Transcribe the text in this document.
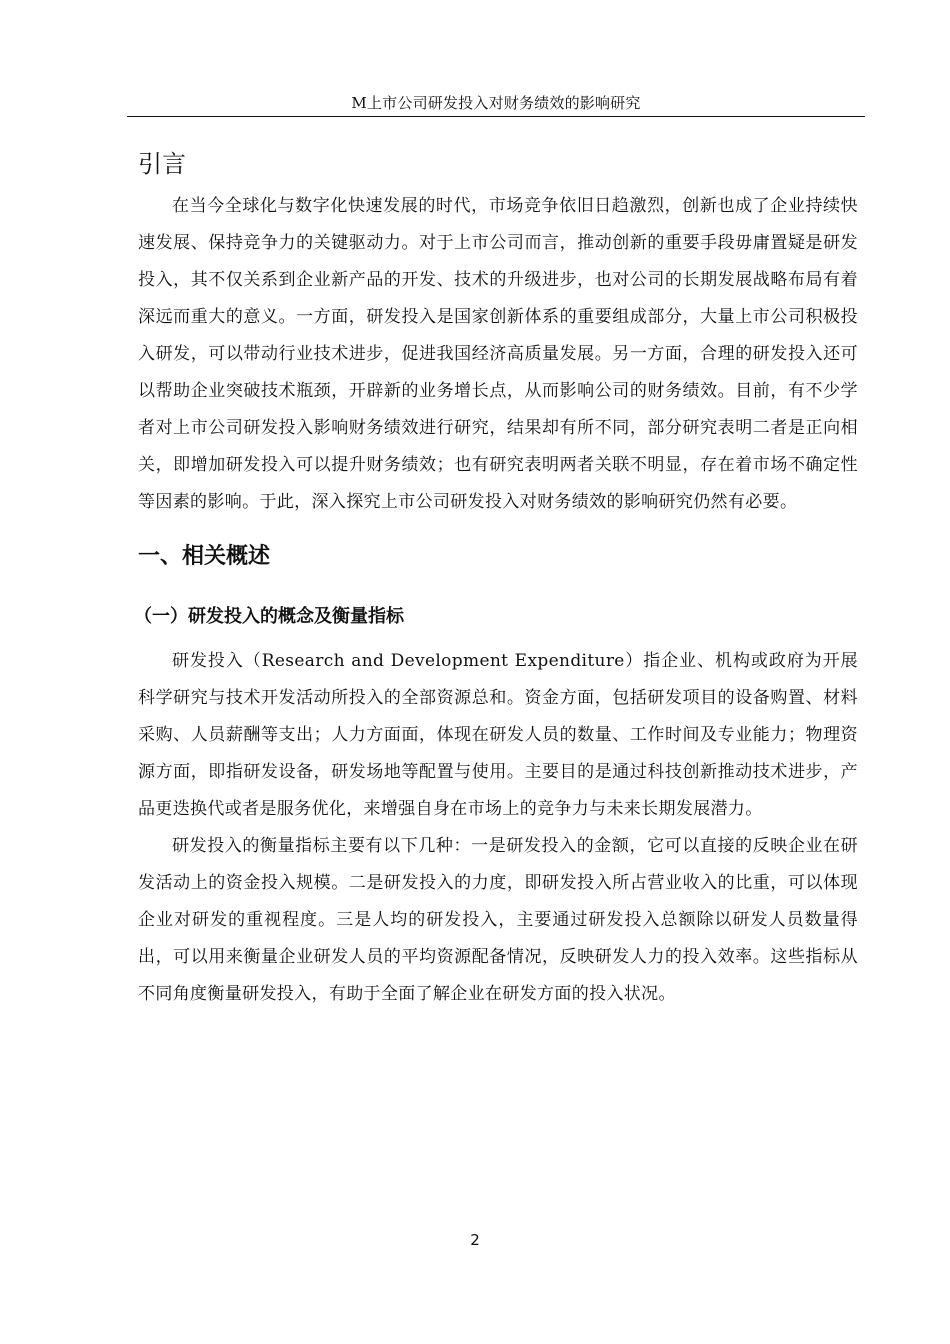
M上市公司研发投入对财务绩效的影响研究
引言

在当今全球化与数字化快速发展的时代，市场竞争依旧日趋激烈，创新也成了企业持续快速发展、保持竞争力的关键驱动力。对于上市公司而言，推动创新的重要手段毋庸置疑是研发投入，其不仅关系到企业新产品的开发、技术的升级进步，也对公司的长期发展战略布局有着深远而重大的意义。一方面，研发投入是国家创新体系的重要组成部分，大量上市公司积极投入研发，可以带动行业技术进步，促进我国经济高质量发展。另一方面，合理的研发投入还可以帮助企业突破技术瓶颈，开辟新的业务增长点，从而影响公司的财务绩效。目前，有不少学者对上市公司研发投入影响财务绩效进行研究，结果却有所不同，部分研究表明二者是正向相关，即增加研发投入可以提升财务绩效；也有研究表明两者关联不明显，存在着市场不确定性等因素的影响。于此，深入探究上市公司研发投入对财务绩效的影响研究仍然有必要。

一、相关概述
（一）研发投入的概念及衡量指标

研发投入（Research and Development Expenditure）指企业、机构或政府为开展科学研究与技术开发活动所投入的全部资源总和。资金方面，包括研发项目的设备购置、材料采购、人员薪酬等支出；人力方面面，体现在研发人员的数量、工作时间及专业能力；物理资源方面，即指研发设备，研发场地等配置与使用。主要目的是通过科技创新推动技术进步，产品更迭换代或者是服务优化，来增强自身在市场上的竞争力与未来长期发展潜力。

研发投入的衡量指标主要有以下几种：一是研发投入的金额，它可以直接的反映企业在研发活动上的资金投入规模。二是研发投入的力度，即研发投入所占营业收入的比重，可以体现企业对研发的重视程度。三是人均的研发投入，主要通过研发投入总额除以研发人员数量得出，可以用来衡量企业研发人员的平均资源配备情况，反映研发人力的投入效率。这些指标从不同角度衡量研发投入，有助于全面了解企业在研发方面的投入状况。

2
